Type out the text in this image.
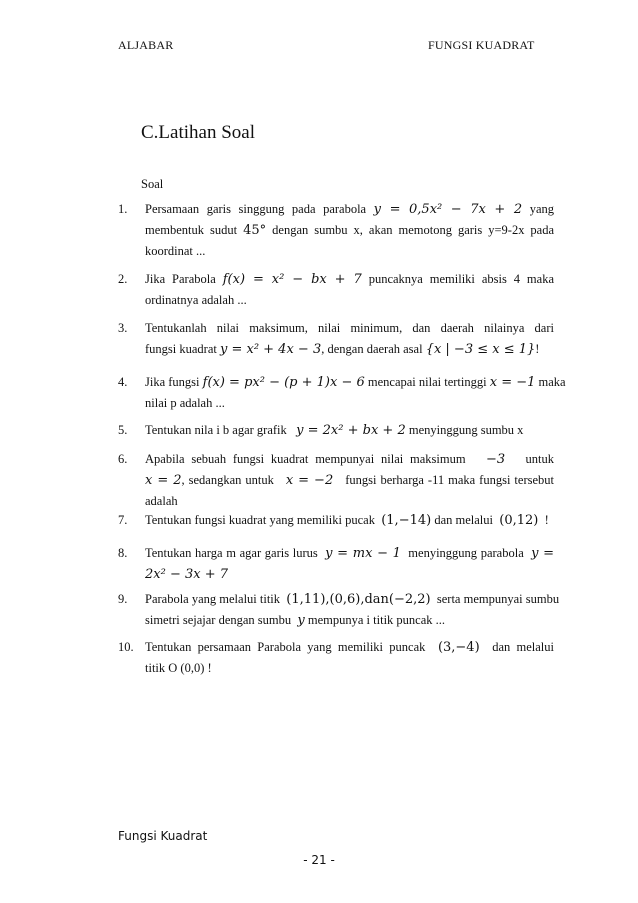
ALJABAR	FUNGSI KUADRAT
C.Latihan Soal
Soal
1.	Persamaan garis singgung pada parabola y = 0,5x² − 7x + 2 yang
membentuk sudut 45° dengan sumbu x, akan memotong garis y=9-2x pada
koordinat ...
2.	Jika Parabola f(x) = x² − bx + 7 puncaknya memiliki absis 4 maka
ordinatnya adalah ...
3.	Tentukanlah nilai maksimum, nilai minimum, dan daerah nilainya dari
fungsi kuadrat y = x² + 4x − 3, dengan daerah asal {x | −3 ≤ x ≤ 1}!
4.	Jika fungsi f(x) = px² − (p + 1)x − 6 mencapai nilai tertinggi x = −1 maka
nilai p adalah ...
5.	Tentukan nila i b agar grafik y = 2x² + bx + 2 menyinggung sumbu x
6.	Apabila sebuah fungsi kuadrat mempunyai nilai maksimum −3 untuk
x = 2, sedangkan untuk x = −2 fungsi berharga -11 maka fungsi tersebut
adalah
7.	Tentukan fungsi kuadrat yang memiliki pucak (1,−14) dan melalui (0,12) !
8.	Tentukan harga m agar garis lurus y = mx − 1 menyinggung parabola y =
2x² − 3x + 7
9.	Parabola yang melalui titik (1,11),(0,6),dan(−2,2) serta mempunyai sumbu
simetri sejajar dengan sumbu y mempunya i titik puncak ...
10. Tentukan persamaan Parabola yang memiliki puncak (3,−4) dan melalui
titik O (0,0) !
Fungsi Kuadrat
- 21 -
